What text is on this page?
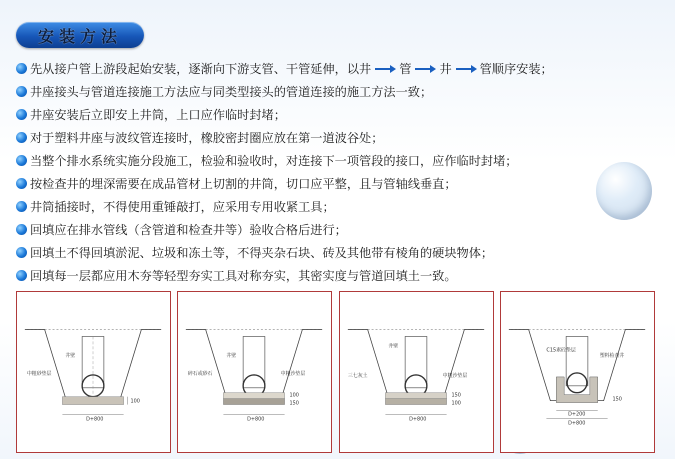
安装方法
先从接户管上游段起始安装，逐渐向下游支管、干管延伸，以井 管 井 管顺序安装；
井座接头与管道连接施工方法应与同类型接头的管道连接的施工方法一致；
井座安装后立即安上井筒，上口应作临时封堵；
对于塑料井座与波纹管连接时，橡胶密封圈应放在第一道波谷处；
当整个排水系统实施分段施工，检验和验收时，对连接下一项管段的接口，应作临时封堵；
按检查井的埋深需要在成品管材上切割的井筒，切口应平整，且与管轴线垂直；
井筒插接时，不得使用重锤敲打，应采用专用收紧工具；
回填应在排水管线（含管道和检查井等）验收合格后进行；
回填土不得回填淤泥、垃圾和冻土等，不得夹杂石块、砖及其他带有棱角的硬块物体；
回填每一层都应用木夯等轻型夯实工具对称夯实，其密实度与管道回填土一致。
井壁
中粗砂垫层
D+800
100
井壁
碎石或砂石	中粗沙垫层
D+800
100
150
井壁
三七灰土	中粗沙垫层
D+800
150
100
C15素砼垫层
塑料检查井
D+200
D+800
150
